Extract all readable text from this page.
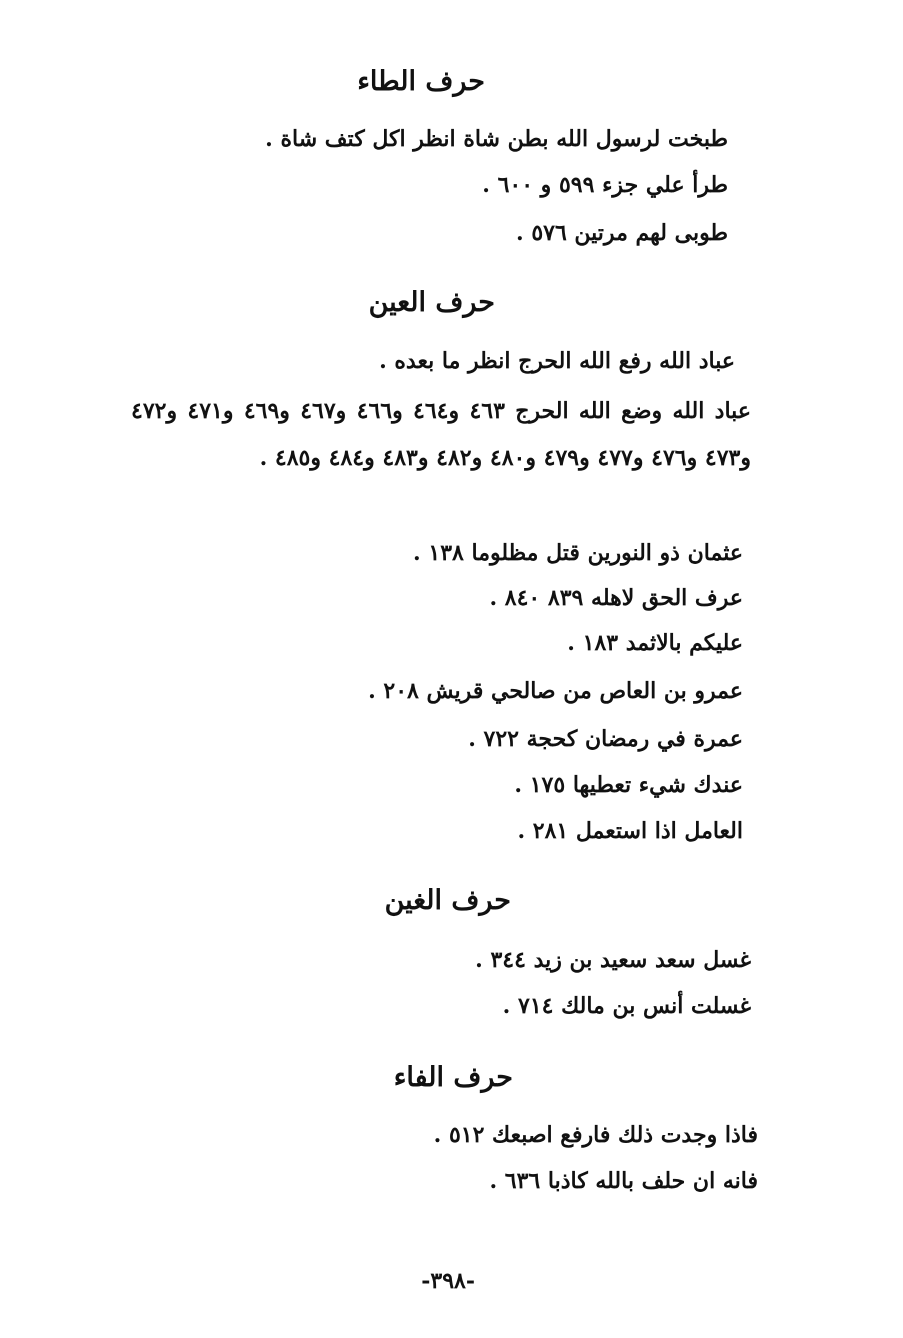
حرف الطاء
طبخت لرسول الله بطن شاة انظر اكل كتف شاة .
طرأ علي جزء ٥٩٩ و ٦٠٠ .
طوبى لهم مرتين ٥٧٦ .
حرف العين
عباد الله رفع الله الحرج انظر ما بعده .
عباد الله وضع الله الحرج ٤٦٣ و٤٦٤ و٤٦٦ و٤٦٧ و٤٦٩ و٤٧١ و٤٧٢ و٤٧٣ و٤٧٦ و٤٧٧ و٤٧٩ و٤٨٠ و٤٨٢ و٤٨٣ و٤٨٤ و٤٨٥ .
عثمان ذو النورين قتل مظلوما ١٣٨ .
عرف الحق لاهله ٨٣٩ ٨٤٠ .
عليكم بالاثمد ١٨٣ .
عمرو بن العاص من صالحي قريش ٢٠٨ .
عمرة في رمضان كحجة ٧٢٢ .
عندك شيء تعطيها ١٧٥ .
العامل اذا استعمل ٢٨١ .
حرف الغين
غسل سعد سعيد بن زيد ٣٤٤ .
غسلت أنس بن مالك ٧١٤ .
حرف الفاء
فاذا وجدت ذلك فارفع اصبعك ٥١٢ .
فانه ان حلف بالله كاذبا ٦٣٦ .
-٣٩٨-
